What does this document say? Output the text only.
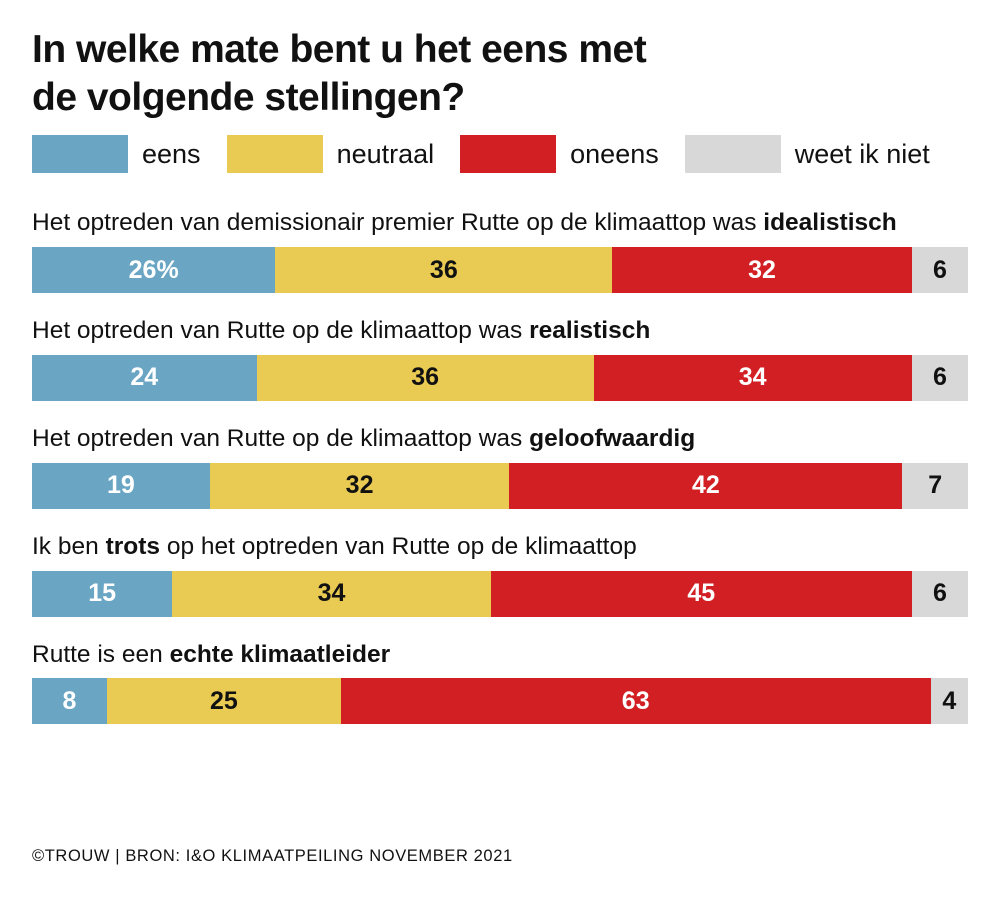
In welke mate bent u het eens met
de volgende stellingen?
eens	neutraal	oneens	weet ik niet
Het optreden van demissionair premier Rutte op de klimaattop was idealistisch
26%	36	32	6
Het optreden van Rutte op de klimaattop was realistisch
24	36	34	6
Het optreden van Rutte op de klimaattop was geloofwaardig
19	32	42	7
Ik ben trots op het optreden van Rutte op de klimaattop
15	34	45	6
Rutte is een echte klimaatleider
8	25	63	4
©TROUW | BRON: I&O KLIMAATPEILING NOVEMBER 2021
